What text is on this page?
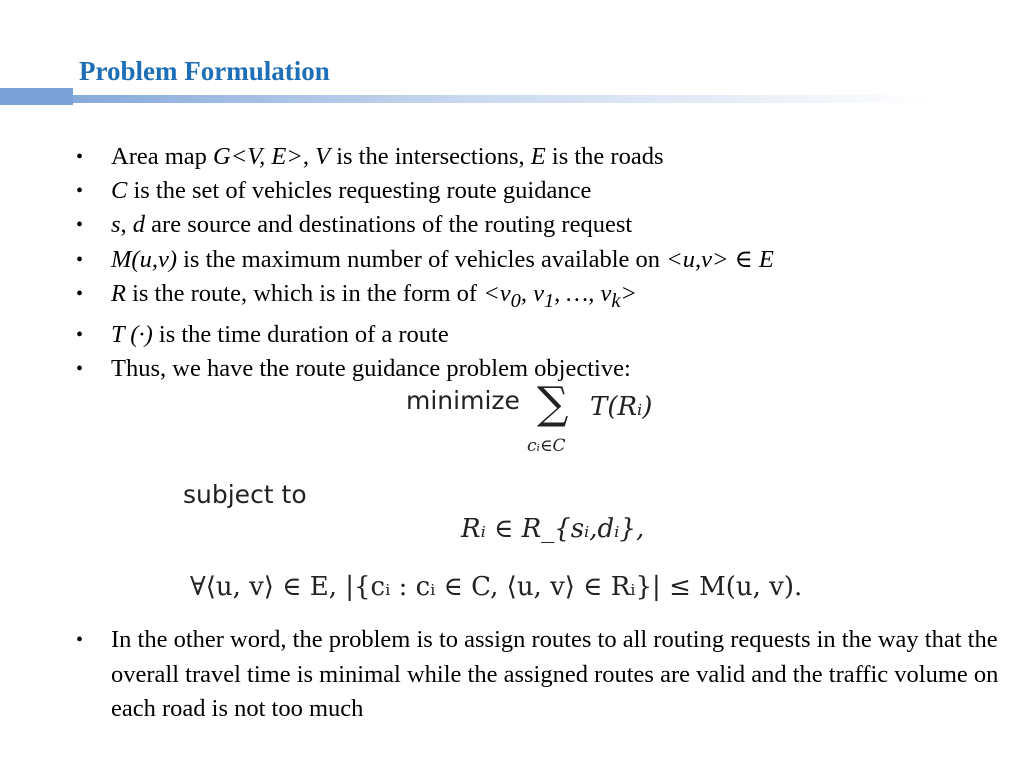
Problem Formulation
• Area map G<V, E>, V is the intersections, E is the roads
• C is the set of vehicles requesting route guidance
• s, d are source and destinations of the routing request
• M(u,v) is the maximum number of vehicles available on <u,v> ∈ E
• R is the route, which is in the form of $<v_0$, $v_1$, …, $v_k>$
• T (·) is the time duration of a route
• Thus, we have the route guidance problem objective:
minimize ∑
cᵢ∈C
T(Rᵢ)
subject to
Rᵢ ∈ R_{sᵢ,dᵢ},
∀⟨u, v⟩ ∈ E, |{cᵢ : cᵢ ∈ C, ⟨u, v⟩ ∈ Rᵢ}| ≤ M(u, v).
• In the other word, the problem is to assign routes to all routing requests in the way that the overall travel time is minimal while the assigned routes are valid and the traffic volume on each road is not too much
